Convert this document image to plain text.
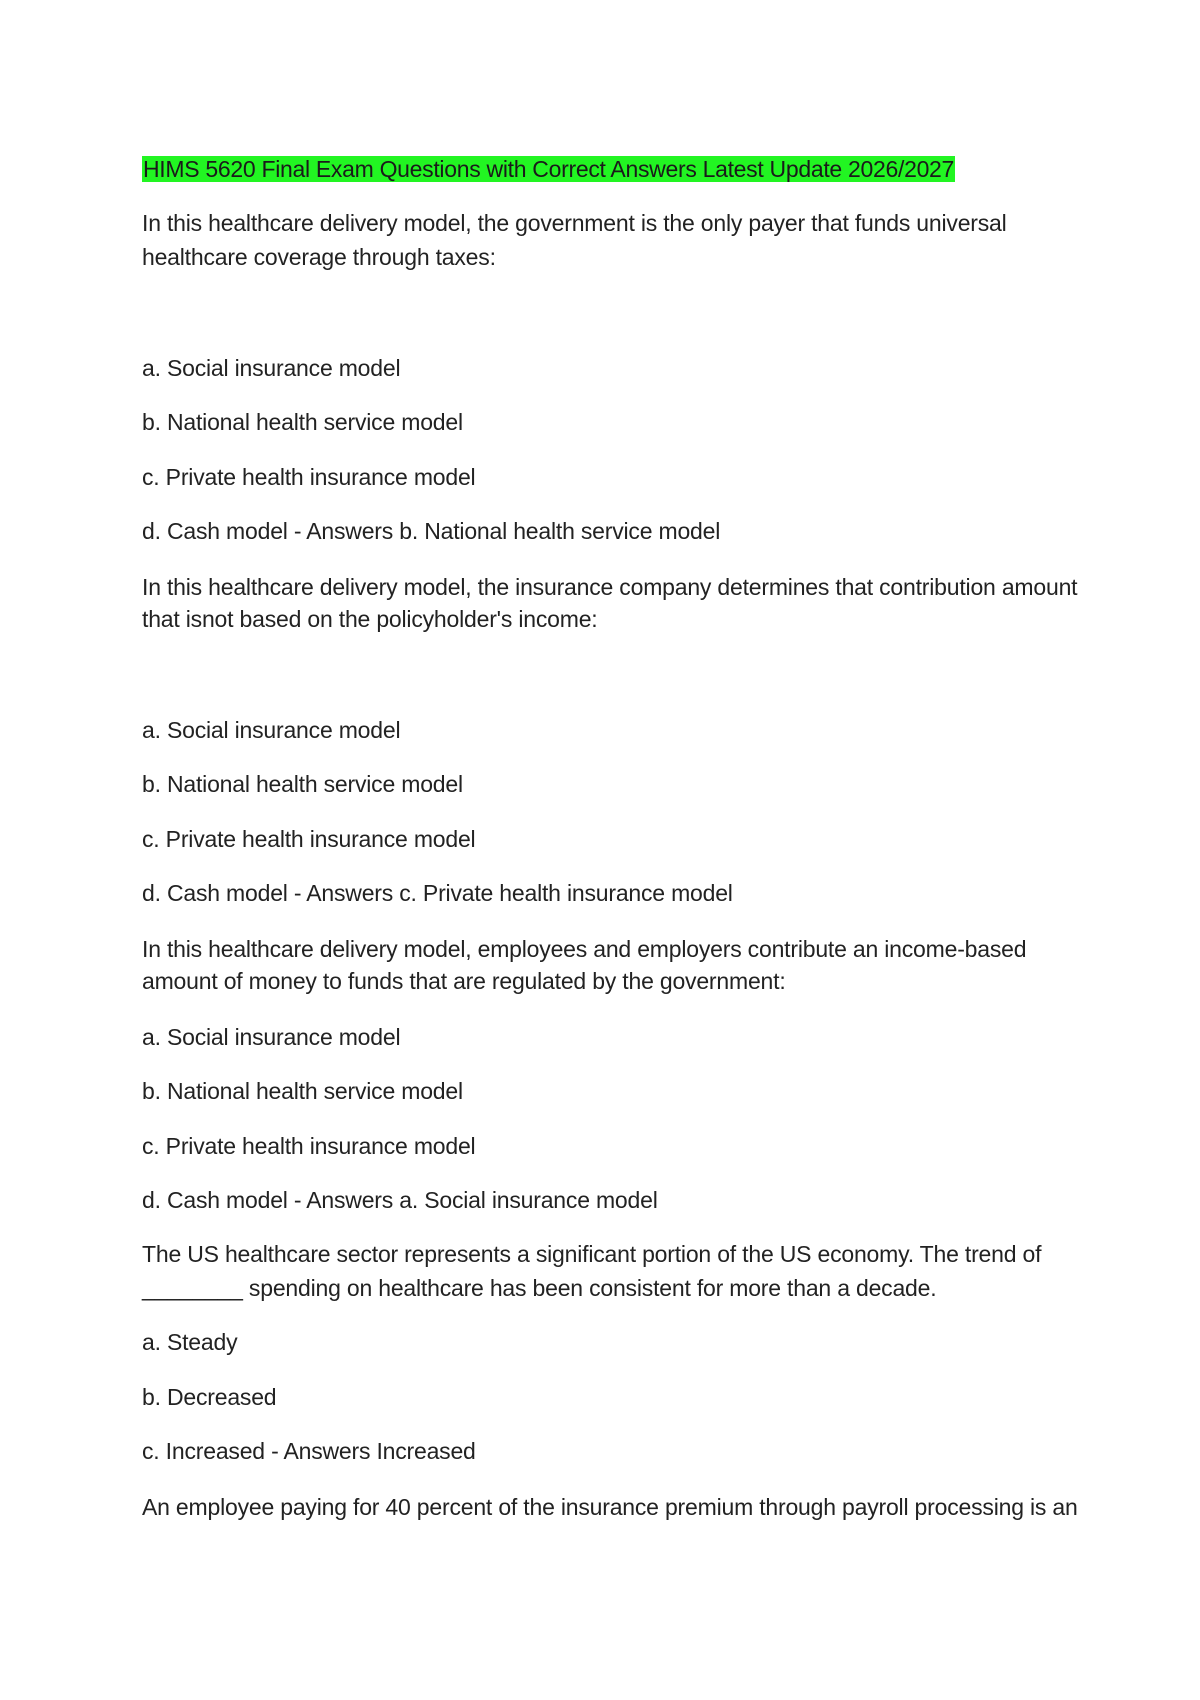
HIMS 5620 Final Exam Questions with Correct Answers Latest Update 2026/2027
In this healthcare delivery model, the government is the only payer that funds universal
healthcare coverage through taxes:
a. Social insurance model
b. National health service model
c. Private health insurance model
d. Cash model - Answers b. National health service model
In this healthcare delivery model, the insurance company determines that contribution amount
that isnot based on the policyholder's income:
a. Social insurance model
b. National health service model
c. Private health insurance model
d. Cash model - Answers c. Private health insurance model
In this healthcare delivery model, employees and employers contribute an income-based
amount of money to funds that are regulated by the government:
a. Social insurance model
b. National health service model
c. Private health insurance model
d. Cash model - Answers a. Social insurance model
The US healthcare sector represents a significant portion of the US economy. The trend of
________ spending on healthcare has been consistent for more than a decade.
a. Steady
b. Decreased
c. Increased - Answers Increased
An employee paying for 40 percent of the insurance premium through payroll processing is an
